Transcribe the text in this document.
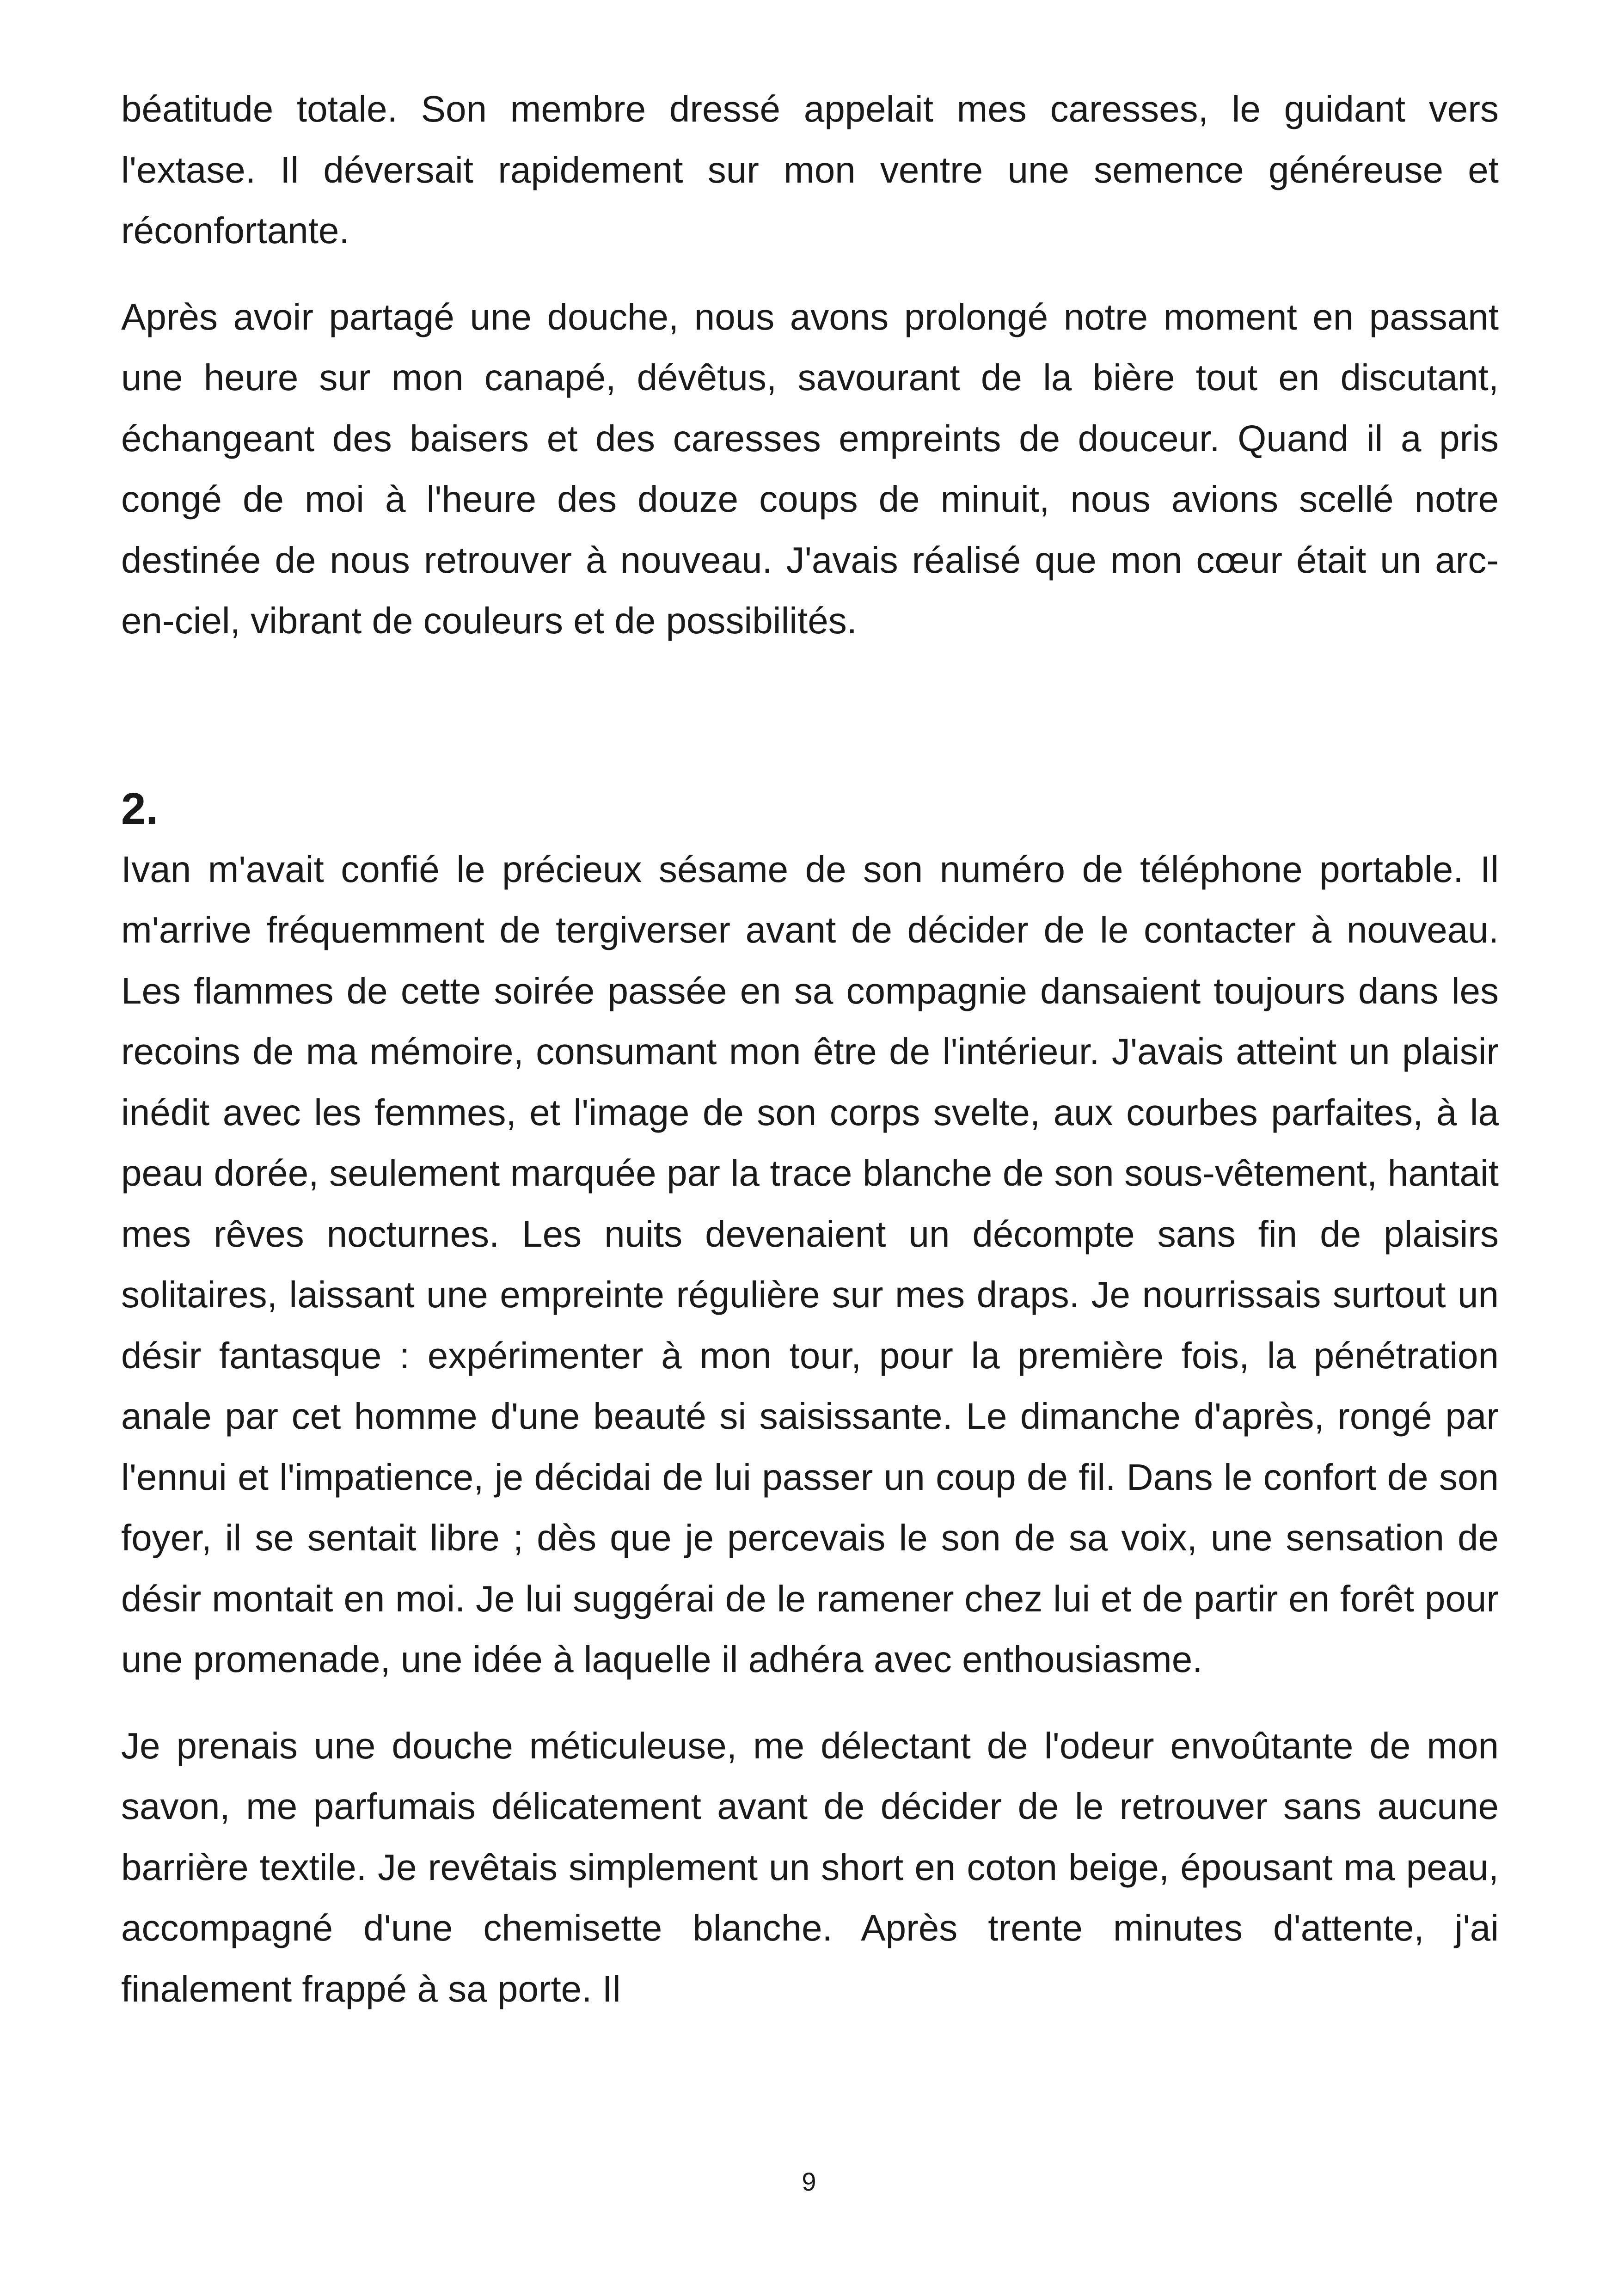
béatitude totale. Son membre dressé appelait mes caresses, le guidant vers l'extase. Il déversait rapidement sur mon ventre une semence généreuse et réconfortante.

Après avoir partagé une douche, nous avons prolongé notre moment en passant une heure sur mon canapé, dévêtus, savourant de la bière tout en discutant, échangeant des baisers et des caresses empreints de douceur. Quand il a pris congé de moi à l'heure des douze coups de minuit, nous avions scellé notre destinée de nous retrouver à nouveau. J'avais réalisé que mon cœur était un arc-en-ciel, vibrant de couleurs et de possibilités.

2.

Ivan m'avait confié le précieux sésame de son numéro de téléphone portable. Il m'arrive fréquemment de tergiverser avant de décider de le contacter à nouveau. Les flammes de cette soirée passée en sa compagnie dansaient toujours dans les recoins de ma mémoire, consumant mon être de l'intérieur. J'avais atteint un plaisir inédit avec les femmes, et l'image de son corps svelte, aux courbes parfaites, à la peau dorée, seulement marquée par la trace blanche de son sous-vêtement, hantait mes rêves nocturnes. Les nuits devenaient un décompte sans fin de plaisirs solitaires, laissant une empreinte régulière sur mes draps. Je nourrissais surtout un désir fantasque : expérimenter à mon tour, pour la première fois, la pénétration anale par cet homme d'une beauté si saisissante. Le dimanche d'après, rongé par l'ennui et l'impatience, je décidai de lui passer un coup de fil. Dans le confort de son foyer, il se sentait libre ; dès que je percevais le son de sa voix, une sensation de désir montait en moi. Je lui suggérai de le ramener chez lui et de partir en forêt pour une promenade, une idée à laquelle il adhéra avec enthousiasme.

Je prenais une douche méticuleuse, me délectant de l'odeur envoûtante de mon savon, me parfumais délicatement avant de décider de le retrouver sans aucune barrière textile. Je revêtais simplement un short en coton beige, épousant ma peau, accompagné d'une chemisette blanche. Après trente minutes d'attente, j'ai finalement frappé à sa porte. Il

9
